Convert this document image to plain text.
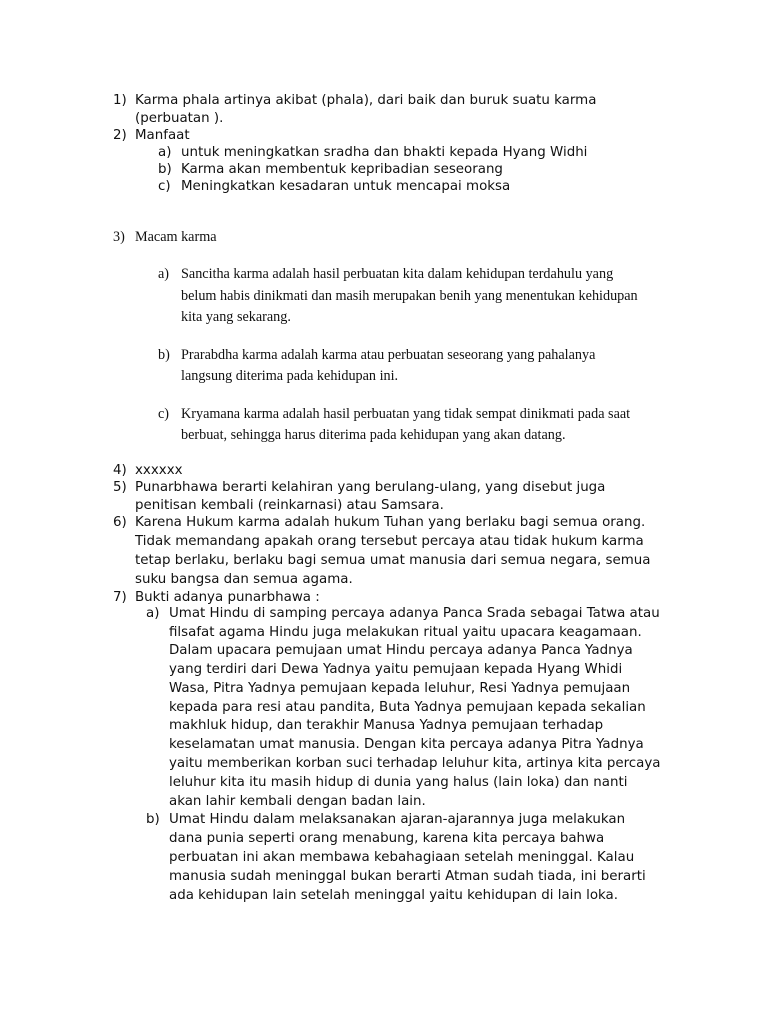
1) Karma phala artinya akibat (phala), dari baik dan buruk suatu karma
(perbuatan ).
2) Manfaat
a) untuk meningkatkan sradha dan bhakti kepada Hyang Widhi
b) Karma akan membentuk kepribadian seseorang
c) Meningkatkan kesadaran untuk mencapai moksa
3) Macam karma
a) Sancitha karma adalah hasil perbuatan kita dalam kehidupan terdahulu yang
belum habis dinikmati dan masih merupakan benih yang menentukan kehidupan
kita yang sekarang.
b) Prarabdha karma adalah karma atau perbuatan seseorang yang pahalanya
langsung diterima pada kehidupan ini.
c) Kryamana karma adalah hasil perbuatan yang tidak sempat dinikmati pada saat
berbuat, sehingga harus diterima pada kehidupan yang akan datang.
4) xxxxxx
5) Punarbhawa berarti kelahiran yang berulang-ulang, yang disebut juga
penitisan kembali (reinkarnasi) atau Samsara.
6) Karena Hukum karma adalah hukum Tuhan yang berlaku bagi semua orang.
Tidak memandang apakah orang tersebut percaya atau tidak hukum karma
tetap berlaku, berlaku bagi semua umat manusia dari semua negara, semua
suku bangsa dan semua agama.
7) Bukti adanya punarbhawa :
a) Umat Hindu di samping percaya adanya Panca Srada sebagai Tatwa atau
filsafat agama Hindu juga melakukan ritual yaitu upacara keagamaan.
Dalam upacara pemujaan umat Hindu percaya adanya Panca Yadnya
yang terdiri dari Dewa Yadnya yaitu pemujaan kepada Hyang Whidi
Wasa, Pitra Yadnya pemujaan kepada leluhur, Resi Yadnya pemujaan
kepada para resi atau pandita, Buta Yadnya pemujaan kepada sekalian
makhluk hidup, dan terakhir Manusa Yadnya pemujaan terhadap
keselamatan umat manusia. Dengan kita percaya adanya Pitra Yadnya
yaitu memberikan korban suci terhadap leluhur kita, artinya kita percaya
leluhur kita itu masih hidup di dunia yang halus (lain loka) dan nanti
akan lahir kembali dengan badan lain.
b) Umat Hindu dalam melaksanakan ajaran-ajarannya juga melakukan
dana punia seperti orang menabung, karena kita percaya bahwa
perbuatan ini akan membawa kebahagiaan setelah meninggal. Kalau
manusia sudah meninggal bukan berarti Atman sudah tiada, ini berarti
ada kehidupan lain setelah meninggal yaitu kehidupan di lain loka.
